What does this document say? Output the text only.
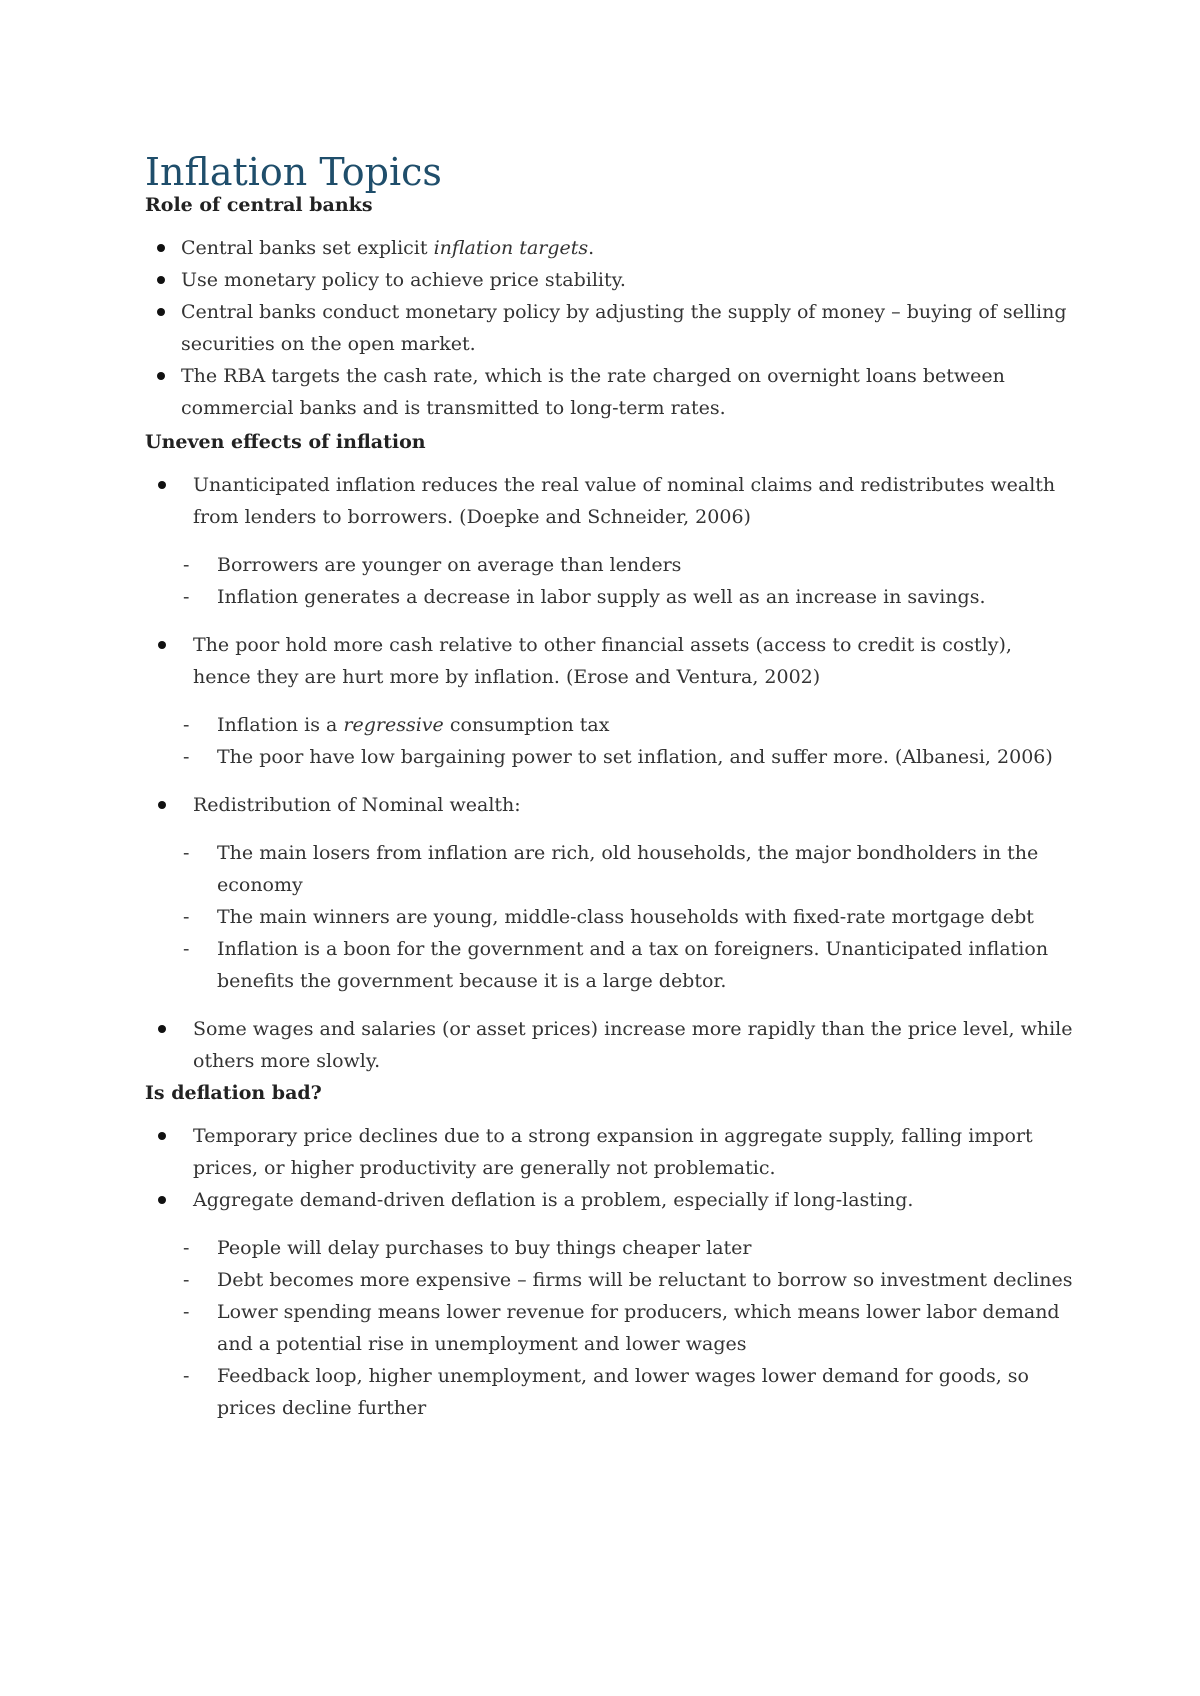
Inflation Topics
Role of central banks
Central banks set explicit inflation targets.
Use monetary policy to achieve price stability.
Central banks conduct monetary policy by adjusting the supply of money – buying of selling securities on the open market.
The RBA targets the cash rate, which is the rate charged on overnight loans between commercial banks and is transmitted to long-term rates.
Uneven effects of inflation
Unanticipated inflation reduces the real value of nominal claims and redistributes wealth from lenders to borrowers. (Doepke and Schneider, 2006)
- Borrowers are younger on average than lenders
- Inflation generates a decrease in labor supply as well as an increase in savings.
The poor hold more cash relative to other financial assets (access to credit is costly), hence they are hurt more by inflation. (Erose and Ventura, 2002)
- Inflation is a regressive consumption tax
- The poor have low bargaining power to set inflation, and suffer more. (Albanesi, 2006)
Redistribution of Nominal wealth:
- The main losers from inflation are rich, old households, the major bondholders in the economy
- The main winners are young, middle-class households with fixed-rate mortgage debt
- Inflation is a boon for the government and a tax on foreigners. Unanticipated inflation benefits the government because it is a large debtor.
Some wages and salaries (or asset prices) increase more rapidly than the price level, while others more slowly.
Is deflation bad?
Temporary price declines due to a strong expansion in aggregate supply, falling import prices, or higher productivity are generally not problematic.
Aggregate demand-driven deflation is a problem, especially if long-lasting.
- People will delay purchases to buy things cheaper later
- Debt becomes more expensive – firms will be reluctant to borrow so investment declines
- Lower spending means lower revenue for producers, which means lower labor demand and a potential rise in unemployment and lower wages
- Feedback loop, higher unemployment, and lower wages lower demand for goods, so prices decline further
